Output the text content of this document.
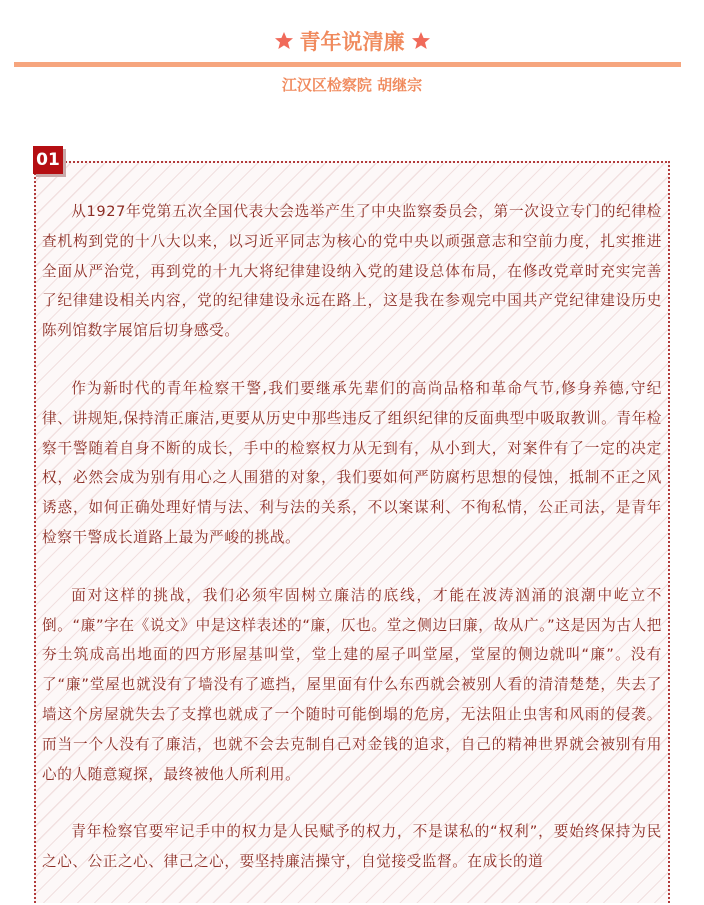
青年说清廉
江汉区检察院 胡继宗
01

从1927年党第五次全国代表大会选举产生了中央监察委员会，第一次设立专门的纪律检查机构到党的十八大以来，以习近平同志为核心的党中央以顽强意志和空前力度，扎实推进全面从严治党，再到党的十九大将纪律建设纳入党的建设总体布局，在修改党章时充实完善了纪律建设相关内容，党的纪律建设永远在路上，这是我在参观完中国共产党纪律建设历史陈列馆数字展馆后切身感受。

作为新时代的青年检察干警,我们要继承先辈们的高尚品格和革命气节,修身养德,守纪律、讲规矩,保持清正廉洁,更要从历史中那些违反了组织纪律的反面典型中吸取教训。青年检察干警随着自身不断的成长，手中的检察权力从无到有，从小到大，对案件有了一定的决定权，必然会成为别有用心之人围猎的对象，我们要如何严防腐朽思想的侵蚀，抵制不正之风诱惑，如何正确处理好情与法、利与法的关系，不以案谋利、不徇私情，公正司法，是青年检察干警成长道路上最为严峻的挑战。

面对这样的挑战，我们必须牢固树立廉洁的底线，才能在波涛汹涌的浪潮中屹立不倒。“廉”字在《说文》中是这样表述的“廉，仄也。堂之侧边曰廉，故从广。”这是因为古人把夯土筑成高出地面的四方形屋基叫堂，堂上建的屋子叫堂屋，堂屋的侧边就叫“廉”。没有了“廉”堂屋也就没有了墙没有了遮挡，屋里面有什么东西就会被别人看的清清楚楚，失去了墙这个房屋就失去了支撑也就成了一个随时可能倒塌的危房，无法阻止虫害和风雨的侵袭。而当一个人没有了廉洁，也就不会去克制自己对金钱的追求，自己的精神世界就会被别有用心的人随意窥探，最终被他人所利用。

青年检察官要牢记手中的权力是人民赋予的权力，不是谋私的“权利”，要始终保持为民之心、公正之心、律己之心，要坚持廉洁操守，自觉接受监督。在成长的道
